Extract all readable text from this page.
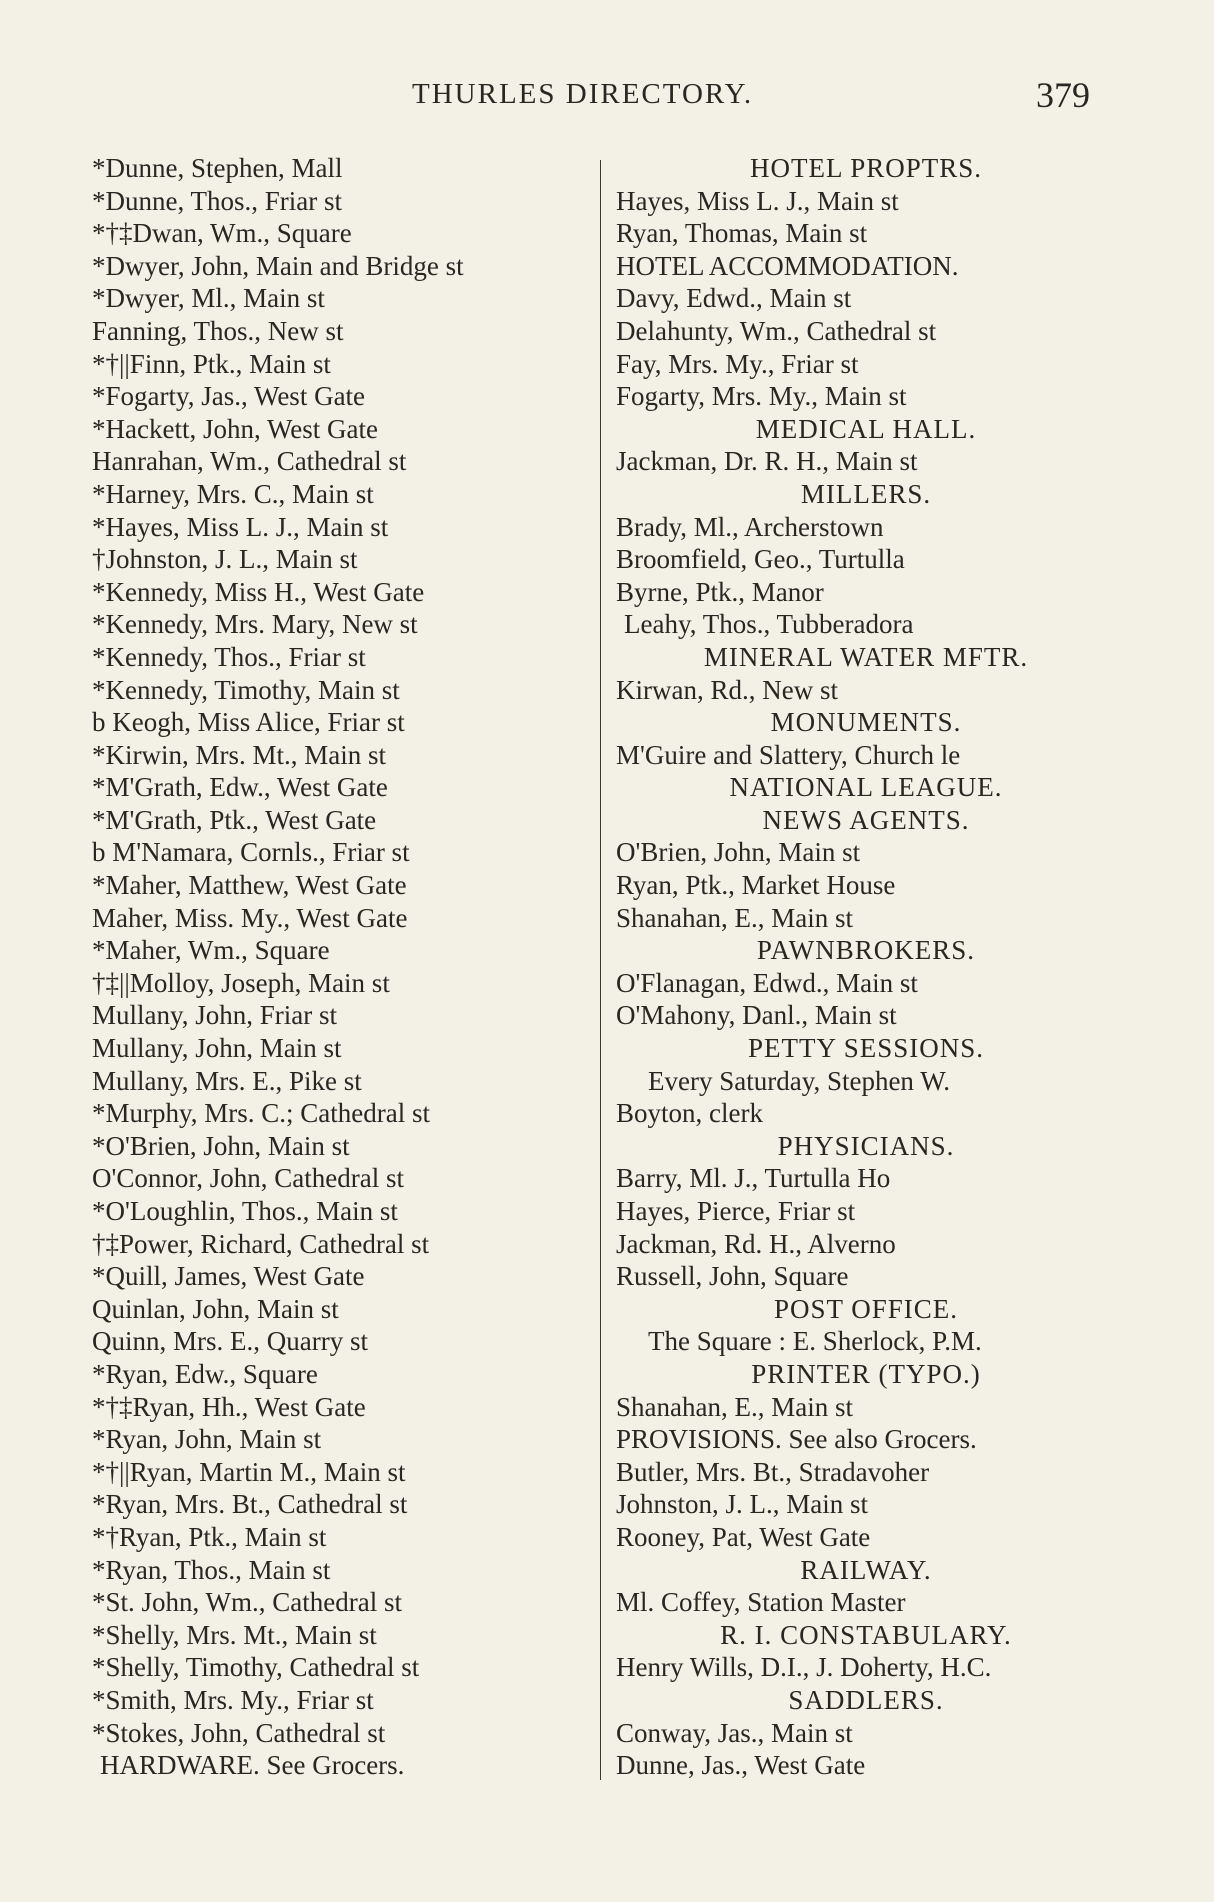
THURLES DIRECTORY.	379
*Dunne, Stephen, Mall
*Dunne, Thos., Friar st
*†‡Dwan, Wm., Square
*Dwyer, John, Main and Bridge st
*Dwyer, Ml., Main st
Fanning, Thos., New st
*†||Finn, Ptk., Main st
*Fogarty, Jas., West Gate
*Hackett, John, West Gate
Hanrahan, Wm., Cathedral st
*Harney, Mrs. C., Main st
*Hayes, Miss L. J., Main st
†Johnston, J. L., Main st
*Kennedy, Miss H., West Gate
*Kennedy, Mrs. Mary, New st
*Kennedy, Thos., Friar st
*Kennedy, Timothy, Main st
b Keogh, Miss Alice, Friar st
*Kirwin, Mrs. Mt., Main st
*M'Grath, Edw., West Gate
*M'Grath, Ptk., West Gate
b M'Namara, Cornls., Friar st
*Maher, Matthew, West Gate
Maher, Miss. My., West Gate
*Maher, Wm., Square
†‡||Molloy, Joseph, Main st
Mullany, John, Friar st
Mullany, John, Main st
Mullany, Mrs. E., Pike st
*Murphy, Mrs. C.; Cathedral st
*O'Brien, John, Main st
O'Connor, John, Cathedral st
*O'Loughlin, Thos., Main st
†‡Power, Richard, Cathedral st
*Quill, James, West Gate
Quinlan, John, Main st
Quinn, Mrs. E., Quarry st
*Ryan, Edw., Square
*†‡Ryan, Hh., West Gate
*Ryan, John, Main st
*†||Ryan, Martin M., Main st
*Ryan, Mrs. Bt., Cathedral st
*†Ryan, Ptk., Main st
*Ryan, Thos., Main st
*St. John, Wm., Cathedral st
*Shelly, Mrs. Mt., Main st
*Shelly, Timothy, Cathedral st
*Smith, Mrs. My., Friar st
*Stokes, John, Cathedral st
HARDWARE. See Grocers.
HOTEL PROPTRS.
Hayes, Miss L. J., Main st
Ryan, Thomas, Main st
HOTEL ACCOMMODATION.
Davy, Edwd., Main st
Delahunty, Wm., Cathedral st
Fay, Mrs. My., Friar st
Fogarty, Mrs. My., Main st
MEDICAL HALL.
Jackman, Dr. R. H., Main st
MILLERS.
Brady, Ml., Archerstown
Broomfield, Geo., Turtulla
Byrne, Ptk., Manor
Leahy, Thos., Tubberadora
MINERAL WATER MFTR.
Kirwan, Rd., New st
MONUMENTS.
M'Guire and Slattery, Church le
NATIONAL LEAGUE.
NEWS AGENTS.
O'Brien, John, Main st
Ryan, Ptk., Market House
Shanahan, E., Main st
PAWNBROKERS.
O'Flanagan, Edwd., Main st
O'Mahony, Danl., Main st
PETTY SESSIONS.
Every Saturday, Stephen W.
Boyton, clerk
PHYSICIANS.
Barry, Ml. J., Turtulla Ho
Hayes, Pierce, Friar st
Jackman, Rd. H., Alverno
Russell, John, Square
POST OFFICE.
The Square : E. Sherlock, P.M.
PRINTER (TYPO.)
Shanahan, E., Main st
PROVISIONS. See also Grocers.
Butler, Mrs. Bt., Stradavoher
Johnston, J. L., Main st
Rooney, Pat, West Gate
RAILWAY.
Ml. Coffey, Station Master
R. I. CONSTABULARY.
Henry Wills, D.I., J. Doherty, H.C.
SADDLERS.
Conway, Jas., Main st
Dunne, Jas., West Gate
